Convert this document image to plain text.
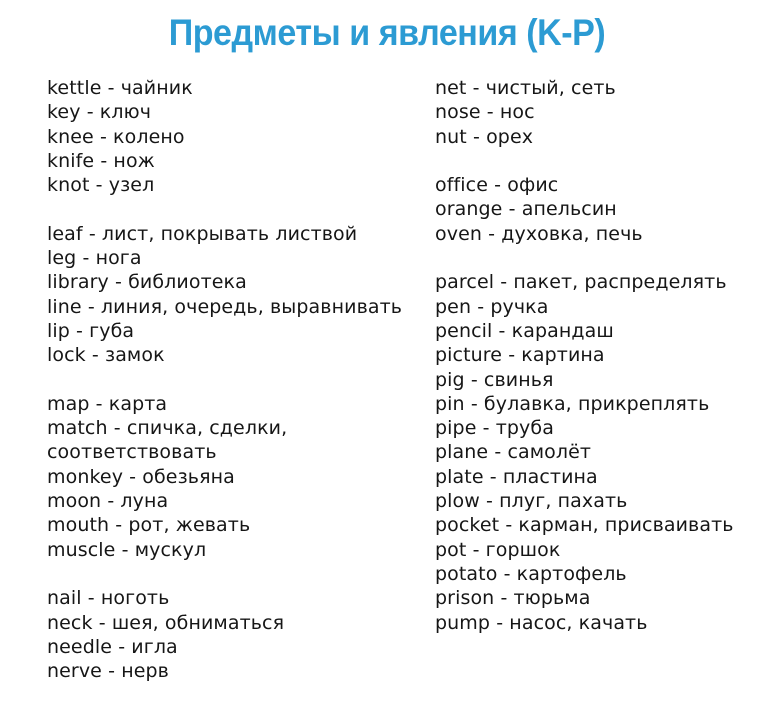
Предметы и явления (K-P)
kettle - чайник
key - ключ
knee - колено
knife - нож
knot - узел
leaf - лист, покрывать листвой
leg - нога
library - библиотека
line - линия, очередь, выравнивать
lip - губа
lock - замок
map - карта
match - спичка, сделки,
соответствовать
monkey - обезьяна
moon - луна
mouth - рот, жевать
muscle - мускул
nail - ноготь
neck - шея, обниматься
needle - игла
nerve - нерв
net - чистый, сеть
nose - нос
nut - орех
office - офис
orange - апельсин
oven - духовка, печь
parcel - пакет, распределять
pen - ручка
pencil - карандаш
picture - картина
pig - свинья
pin - булавка, прикреплять
pipe - труба
plane - самолёт
plate - пластина
plow - плуг, пахать
pocket - карман, присваивать
pot - горшок
potato - картофель
prison - тюрьма
pump - насос, качать
